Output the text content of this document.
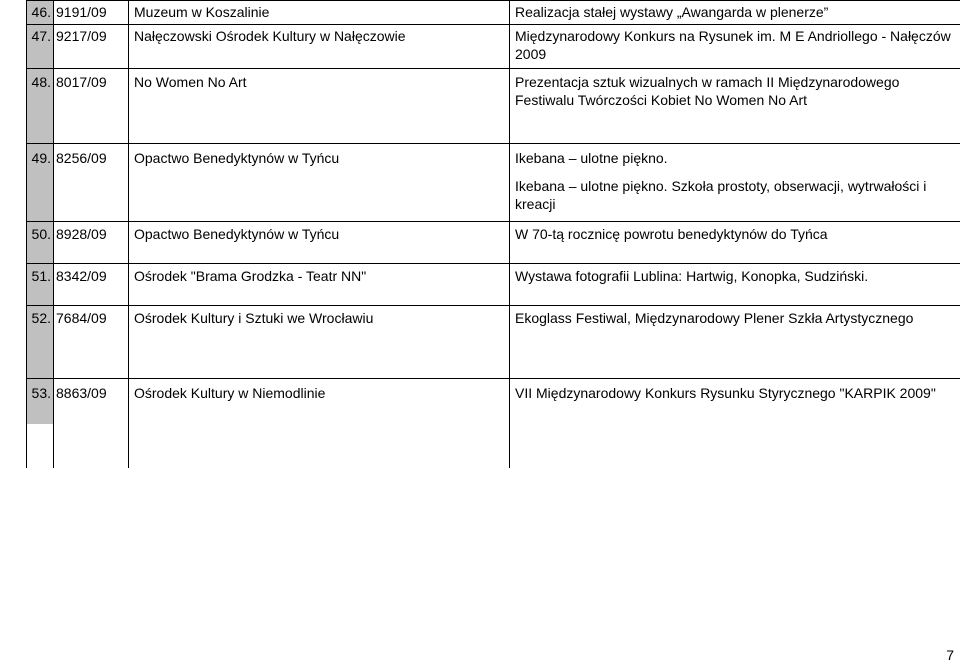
46.	9191/09	Muzeum w Koszalinie	Realizacja stałej wystawy „Awangarda w plenerze”

47.	9217/09	Nałęczowski Ośrodek Kultury w Nałęczowie	Międzynarodowy Konkurs na Rysunek im. M E Andriollego - Nałęczów 2009

48.	8017/09	No Women No Art	Prezentacja sztuk wizualnych w ramach II Międzynarodowego Festiwalu Twórczości Kobiet No Women No Art

49.	8256/09	Opactwo Benedyktynów w Tyńcu	Ikebana – ulotne piękno.
Ikebana – ulotne piękno. Szkoła prostoty, obserwacji, wytrwałości i kreacji

50.	8928/09	Opactwo Benedyktynów w Tyńcu	W 70-tą rocznicę powrotu benedyktynów do Tyńca

51.	8342/09	Ośrodek "Brama Grodzka - Teatr NN"	Wystawa fotografii Lublina: Hartwig, Konopka, Sudziński.

52.	7684/09	Ośrodek Kultury i Sztuki we Wrocławiu	Ekoglass Festiwal, Międzynarodowy Plener Szkła Artystycznego

53.	8863/09	Ośrodek Kultury w Niemodlinie	VII Międzynarodowy Konkurs Rysunku Styrycznego "KARPIK 2009"

7
